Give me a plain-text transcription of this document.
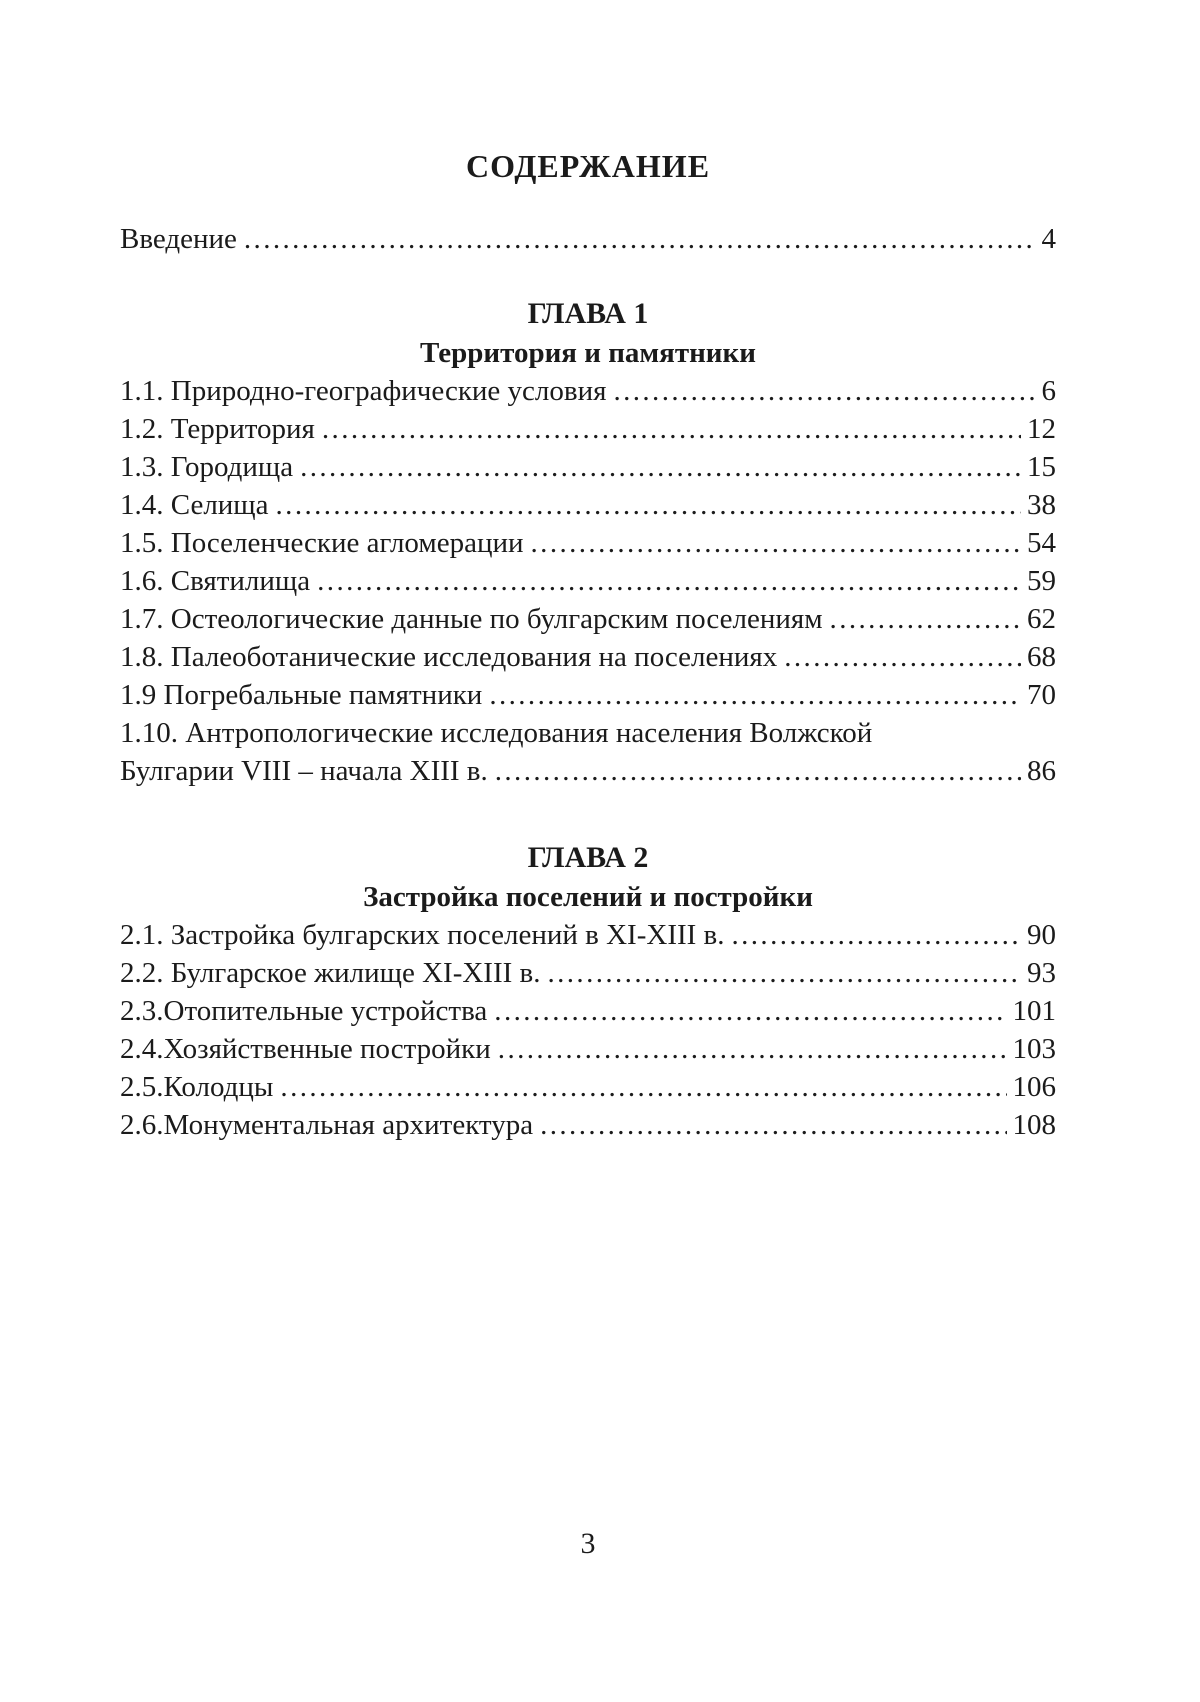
СОДЕРЖАНИЕ
Введение .....	4
ГЛАВА 1
Территория и памятники
1.1. Природно-географические условия .....	6
1.2. Территория .....	12
1.3. Городища .....	15
1.4. Селища .....	38
1.5. Поселенческие агломерации .....	54
1.6. Святилища .....	59
1.7. Остеологические данные по булгарским поселениям .....	62
1.8. Палеоботанические исследования на поселениях .....	68
1.9 Погребальные памятники .....	70
1.10. Антропологические исследования населения Волжской
Булгарии VIII – начала XIII в. .....	86
ГЛАВА 2
Застройка поселений и постройки
2.1. Застройка булгарских поселений в XI-XIII в. .....	90
2.2. Булгарское жилище XI-XIII в. .....	93
2.3.Отопительные устройства .....	101
2.4.Хозяйственные постройки .....	103
2.5.Колодцы .....	106
2.6.Монументальная архитектура .....	108
3
